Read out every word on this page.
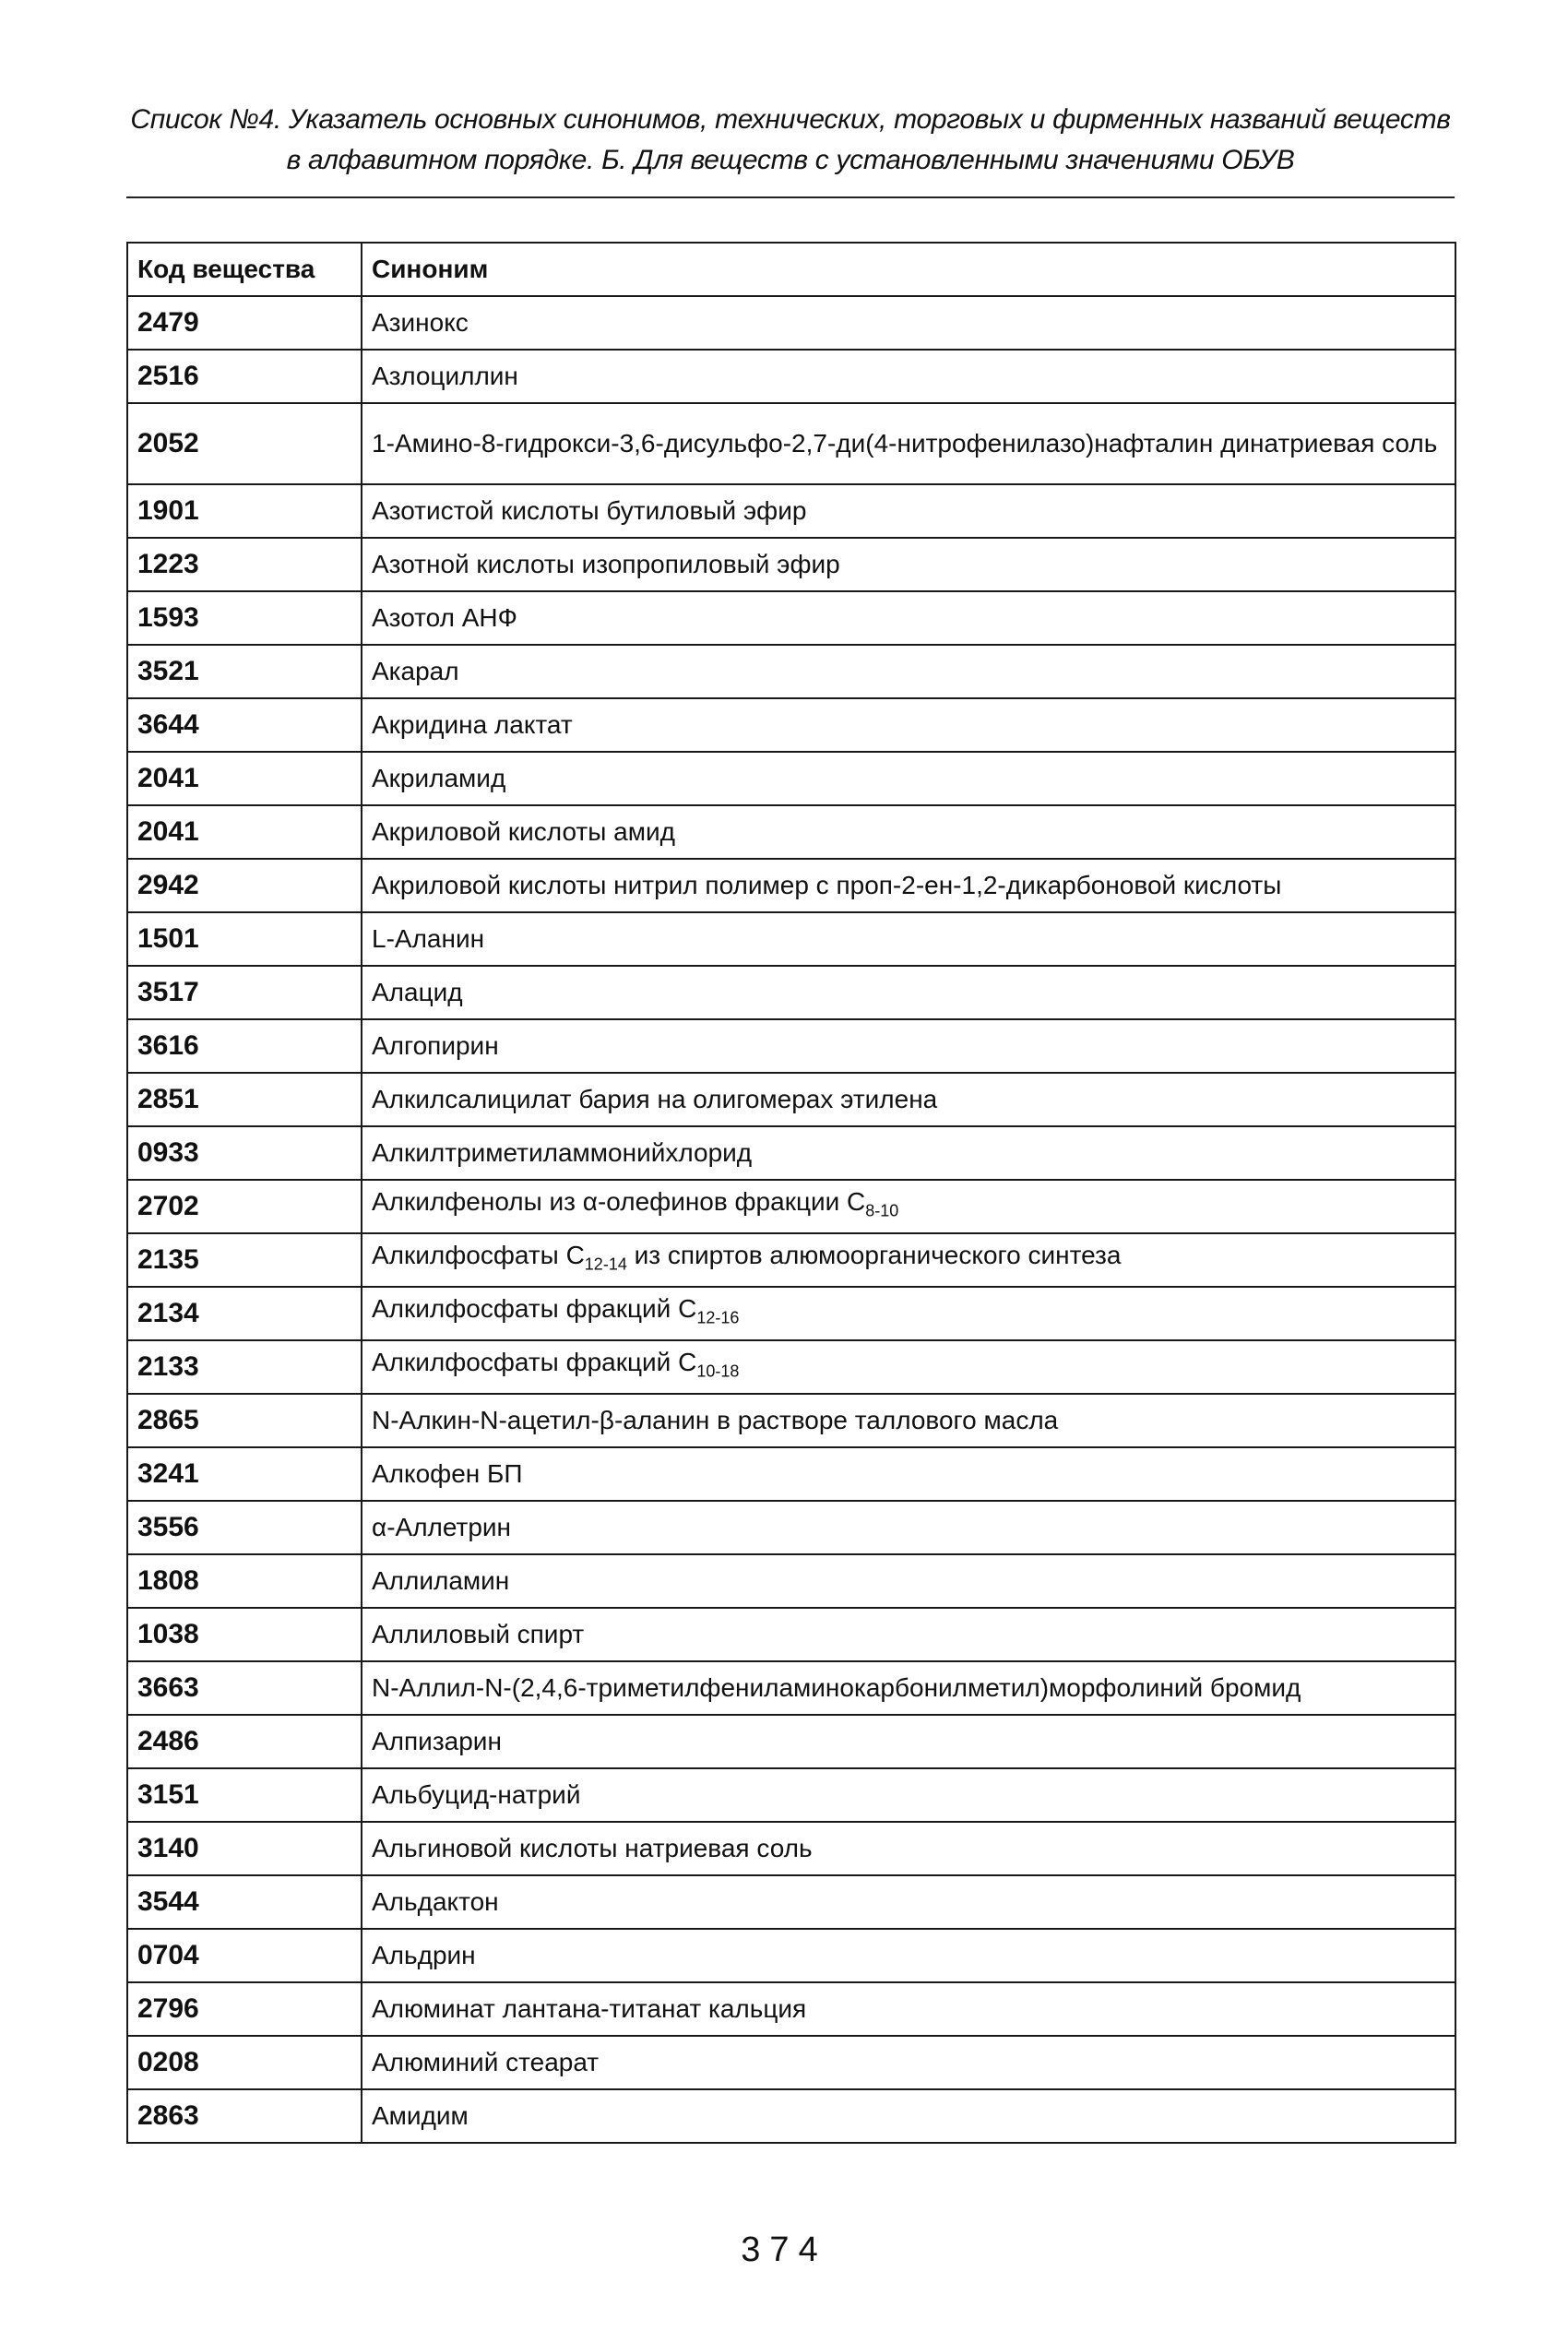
Список №4. Указатель основных синонимов, технических, торговых и фирменных названий веществ
в алфавитном порядке. Б. Для веществ с установленными значениями ОБУВ
Код вещества	Синоним
2479	Азинокс
2516	Азлоциллин
2052	1-Амино-8-гидрокси-3,6-дисульфо-2,7-ди(4-нитрофенилазо)нафталин динатриевая соль
1901	Азотистой кислоты бутиловый эфир
1223	Азотной кислоты изопропиловый эфир
1593	Азотол АНФ
3521	Акарал
3644	Акридина лактат
2041	Акриламид
2041	Акриловой кислоты амид
2942	Акриловой кислоты нитрил полимер с проп-2-ен-1,2-дикарбоновой кислоты
1501	L-Аланин
3517	Алацид
3616	Алгопирин
2851	Алкилсалицилат бария на олигомерах этилена
0933	Алкилтриметиламмонийхлорид
2702	Алкилфенолы из α-олефинов фракции $C_{8-10}$
2135	Алкилфосфаты $C_{12-14}$ из спиртов алюмоорганического синтеза
2134	Алкилфосфаты фракций $C_{12-16}$
2133	Алкилфосфаты фракций $C_{10-18}$
2865	N-Алкин-N-ацетил-β-аланин в растворе таллового масла
3241	Алкофен БП
3556	α-Аллетрин
1808	Аллиламин
1038	Аллиловый спирт
3663	N-Аллил-N-(2,4,6-триметилфениламинокарбонилметил)морфолиний бромид
2486	Алпизарин
3151	Альбуцид-натрий
3140	Альгиновой кислоты натриевая соль
3544	Альдактон
0704	Альдрин
2796	Алюминат лантана-титанат кальция
0208	Алюминий стеарат
2863	Амидим
374
